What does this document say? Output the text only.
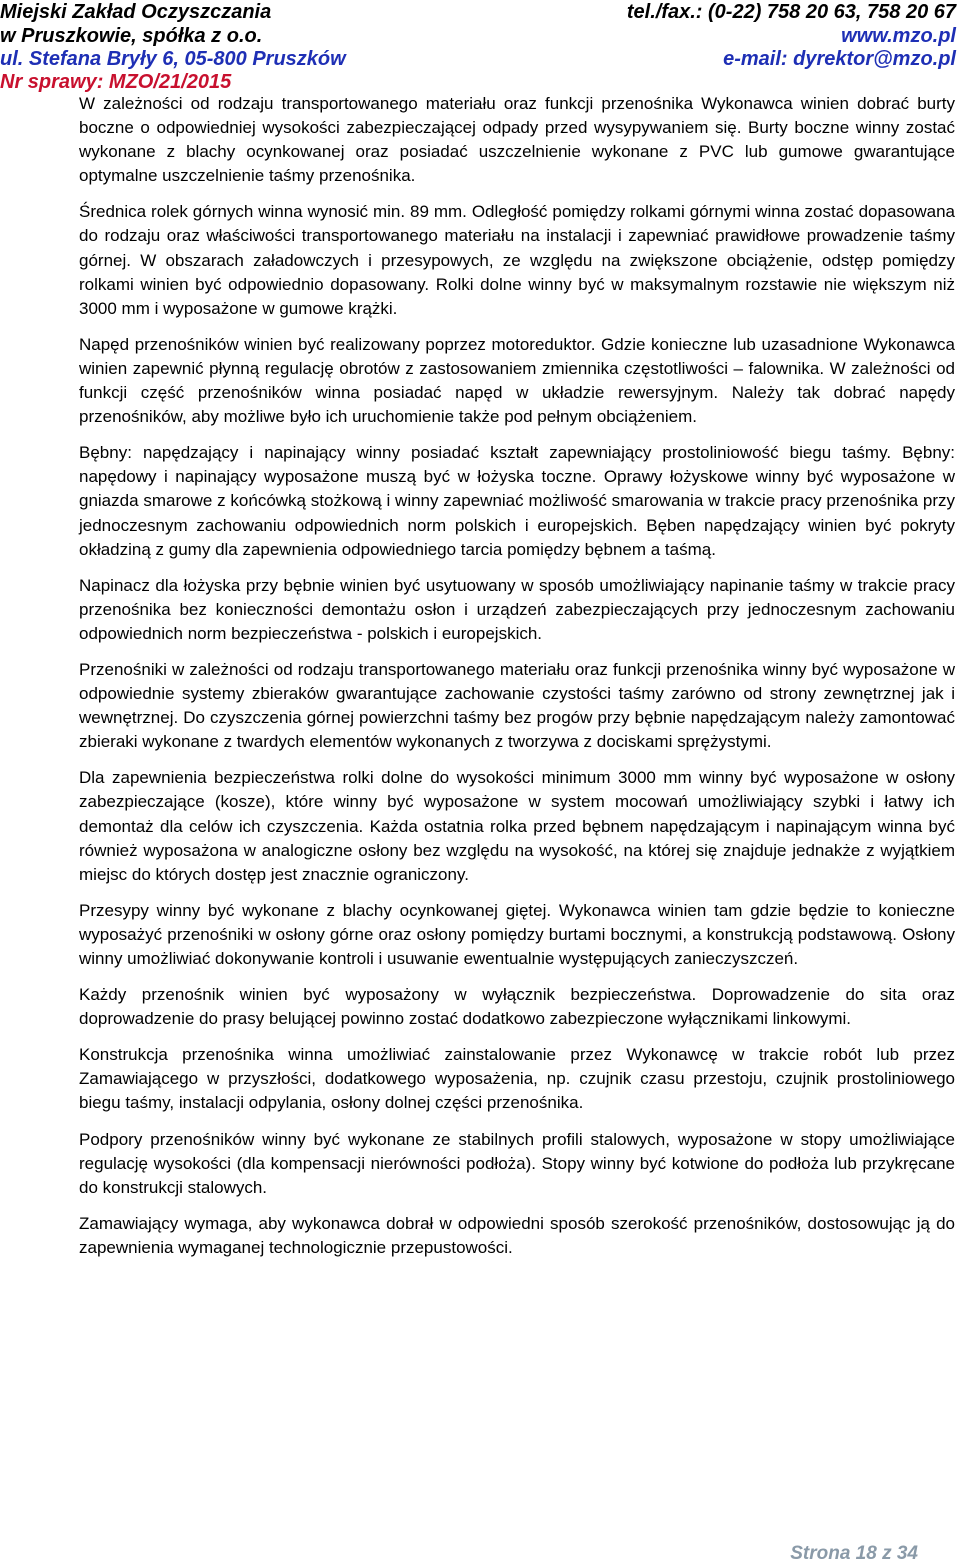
Miejski Zakład Oczyszczania
w Pruszkowie, spółka z o.o.
ul. Stefana Bryły 6, 05-800 Pruszków
Nr sprawy: MZO/21/2015
tel./fax.: (0-22) 758 20 63, 758 20 67
www.mzo.pl
e-mail: dyrektor@mzo.pl

W zależności od rodzaju transportowanego materiału oraz funkcji przenośnika Wykonawca winien dobrać burty boczne o odpowiedniej wysokości zabezpieczającej odpady przed wysypywaniem się. Burty boczne winny zostać wykonane z blachy ocynkowanej oraz posiadać uszczelnienie wykonane z PVC lub gumowe gwarantujące optymalne uszczelnienie taśmy przenośnika.

Średnica rolek górnych winna wynosić min. 89 mm. Odległość pomiędzy rolkami górnymi winna zostać dopasowana do rodzaju oraz właściwości transportowanego materiału na instalacji i zapewniać prawidłowe prowadzenie taśmy górnej. W obszarach załadowczych i przesypowych, ze względu na zwiększone obciążenie, odstęp pomiędzy rolkami winien być odpowiednio dopasowany. Rolki dolne winny być w maksymalnym rozstawie nie większym niż 3000 mm i wyposażone w gumowe krążki.

Napęd przenośników winien być realizowany poprzez motoreduktor. Gdzie konieczne lub uzasadnione Wykonawca winien zapewnić płynną regulację obrotów z zastosowaniem zmiennika częstotliwości – falownika. W zależności od funkcji część przenośników winna posiadać napęd w układzie rewersyjnym. Należy tak dobrać napędy przenośników, aby możliwe było ich uruchomienie także pod pełnym obciążeniem.

Bębny: napędzający i napinający winny posiadać kształt zapewniający prostoliniowość biegu taśmy. Bębny: napędowy i napinający wyposażone muszą być w łożyska toczne. Oprawy łożyskowe winny być wyposażone w gniazda smarowe z końcówką stożkową i winny zapewniać możliwość smarowania w trakcie pracy przenośnika przy jednoczesnym zachowaniu odpowiednich norm polskich i europejskich. Bęben napędzający winien być pokryty okładziną z gumy dla zapewnienia odpowiedniego tarcia pomiędzy bębnem a taśmą.

Napinacz dla łożyska przy bębnie winien być usytuowany w sposób umożliwiający napinanie taśmy w trakcie pracy przenośnika bez konieczności demontażu osłon i urządzeń zabezpieczających przy jednoczesnym zachowaniu odpowiednich norm bezpieczeństwa - polskich i europejskich.

Przenośniki w zależności od rodzaju transportowanego materiału oraz funkcji przenośnika winny być wyposażone w odpowiednie systemy zbieraków gwarantujące zachowanie czystości taśmy zarówno od strony zewnętrznej jak i wewnętrznej. Do czyszczenia górnej powierzchni taśmy bez progów przy bębnie napędzającym należy zamontować zbieraki wykonane z twardych elementów wykonanych z tworzywa z dociskami sprężystymi.

Dla zapewnienia bezpieczeństwa rolki dolne do wysokości minimum 3000 mm winny być wyposażone w osłony zabezpieczające (kosze), które winny być wyposażone w system mocowań umożliwiający szybki i łatwy ich demontaż dla celów ich czyszczenia. Każda ostatnia rolka przed bębnem napędzającym i napinającym winna być również wyposażona w analogiczne osłony bez względu na wysokość, na której się znajduje jednakże z wyjątkiem miejsc do których dostęp jest znacznie ograniczony.

Przesypy winny być wykonane z blachy ocynkowanej giętej. Wykonawca winien tam gdzie będzie to konieczne wyposażyć przenośniki w osłony górne oraz osłony pomiędzy burtami bocznymi, a konstrukcją podstawową. Osłony winny umożliwiać dokonywanie kontroli i usuwanie ewentualnie występujących zanieczyszczeń.

Każdy przenośnik winien być wyposażony w wyłącznik bezpieczeństwa. Doprowadzenie do sita oraz doprowadzenie do prasy belującej powinno zostać dodatkowo zabezpieczone wyłącznikami linkowymi.

Konstrukcja przenośnika winna umożliwiać zainstalowanie przez Wykonawcę w trakcie robót lub przez Zamawiającego w przyszłości, dodatkowego wyposażenia, np. czujnik czasu przestoju, czujnik prostoliniowego biegu taśmy, instalacji odpylania, osłony dolnej części przenośnika.

Podpory przenośników winny być wykonane ze stabilnych profili stalowych, wyposażone w stopy umożliwiające regulację wysokości (dla kompensacji nierówności podłoża). Stopy winny być kotwione do podłoża lub przykręcane do konstrukcji stalowych.

Zamawiający wymaga, aby wykonawca dobrał w odpowiedni sposób szerokość przenośników, dostosowując ją do zapewnienia wymaganej technologicznie przepustowości.

Strona 18 z 34
